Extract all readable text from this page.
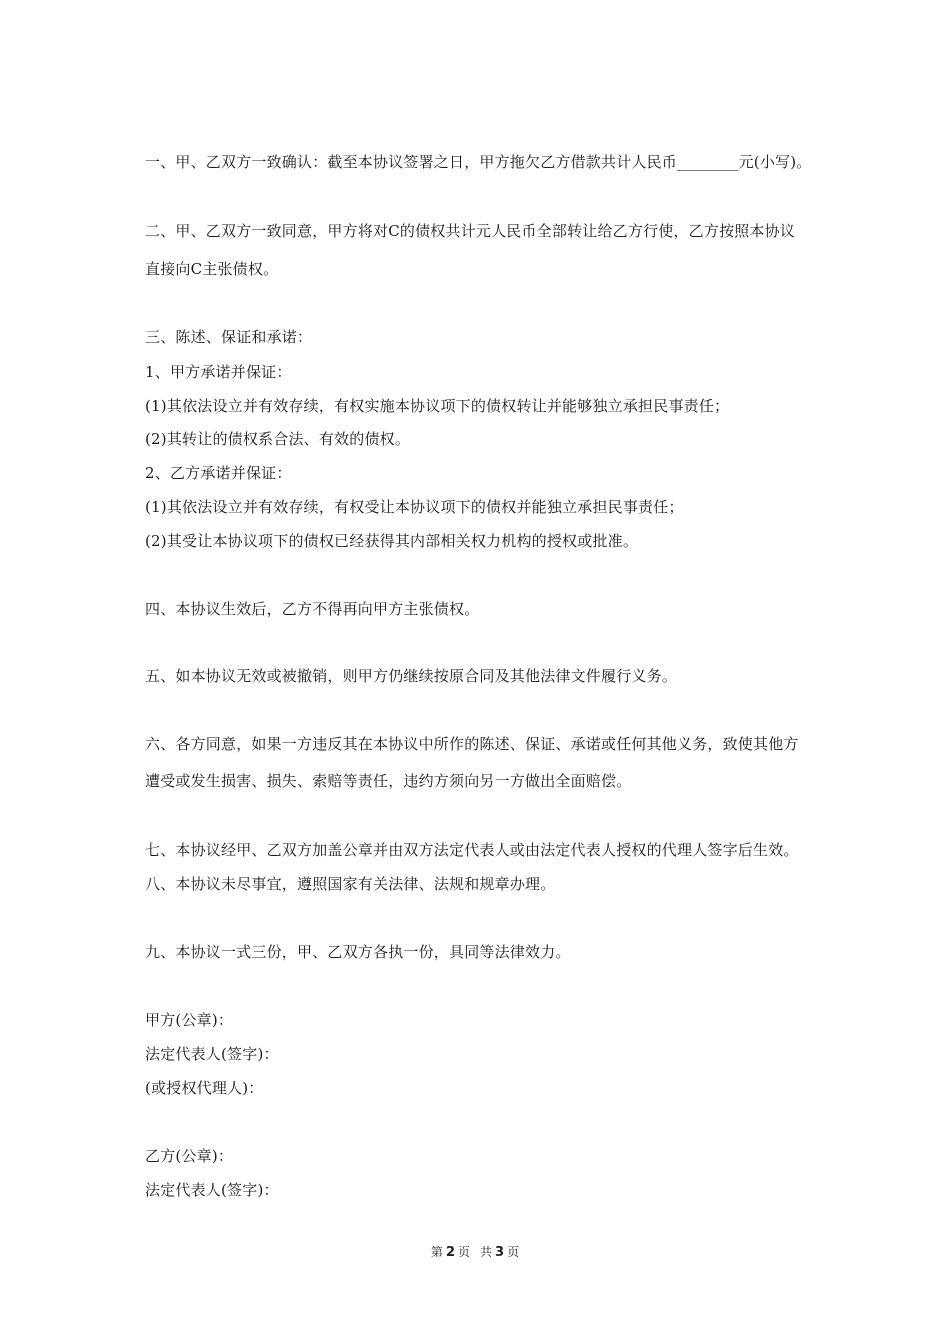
一、甲、乙双方一致确认：截至本协议签署之日，甲方拖欠乙方借款共计人民币________元(小写)。
二、甲、乙双方一致同意，甲方将对C的债权共计元人民币全部转让给乙方行使，乙方按照本协议
直接向C主张债权。
三、陈述、保证和承诺：
1、甲方承诺并保证：
(1)其依法设立并有效存续，有权实施本协议项下的债权转让并能够独立承担民事责任；
(2)其转让的债权系合法、有效的债权。
2、乙方承诺并保证：
(1)其依法设立并有效存续，有权受让本协议项下的债权并能独立承担民事责任；
(2)其受让本协议项下的债权已经获得其内部相关权力机构的授权或批准。
四、本协议生效后，乙方不得再向甲方主张债权。
五、如本协议无效或被撤销，则甲方仍继续按原合同及其他法律文件履行义务。
六、各方同意，如果一方违反其在本协议中所作的陈述、保证、承诺或任何其他义务，致使其他方
遭受或发生损害、损失、索赔等责任，违约方须向另一方做出全面赔偿。
七、本协议经甲、乙双方加盖公章并由双方法定代表人或由法定代表人授权的代理人签字后生效。
八、本协议未尽事宜，遵照国家有关法律、法规和规章办理。
九、本协议一式三份，甲、乙双方各执一份，具同等法律效力。
甲方(公章)：
法定代表人(签字)：
(或授权代理人)：
乙方(公章)：
法定代表人(签字)：
第 2 页 共 3 页
